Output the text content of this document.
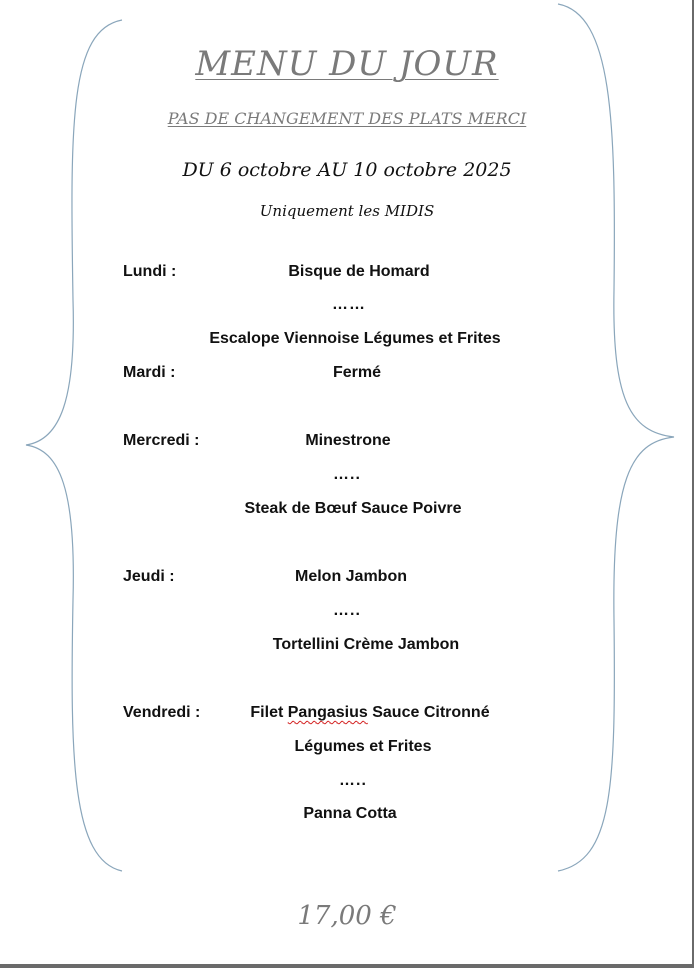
MENU DU JOUR
PAS DE CHANGEMENT DES PLATS MERCI
DU 6 octobre AU 10 octobre 2025
Uniquement les MIDIS
Lundi :	Bisque de Homard
……
Escalope Viennoise Légumes et Frites
Mardi :	Fermé
Mercredi :	Minestrone
…..
Steak de Bœuf Sauce Poivre
Jeudi :	Melon Jambon
…..
Tortellini Crème Jambon
Vendredi :	Filet Pangasius Sauce Citronné
Légumes et Frites
…..
Panna Cotta
17,00 €
